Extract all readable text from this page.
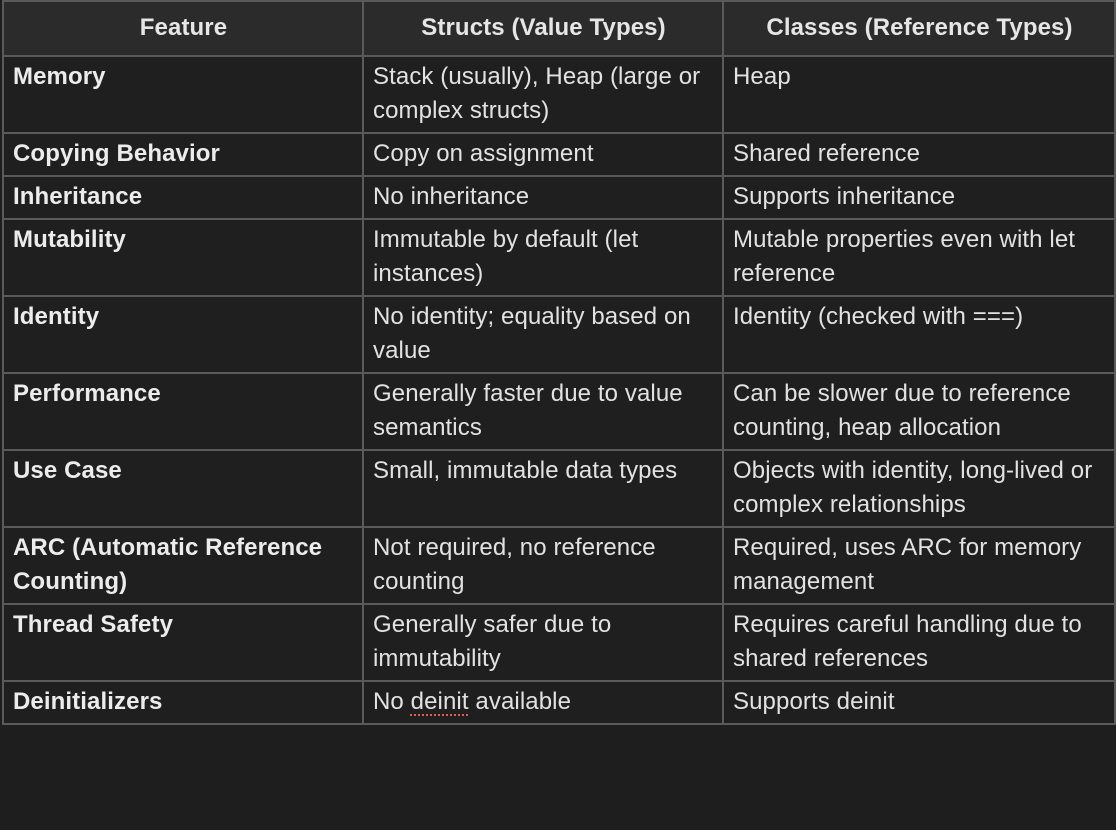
Feature	Structs (Value Types)	Classes (Reference Types)
Memory	Stack (usually), Heap (large or complex structs)	Heap
Copying Behavior	Copy on assignment	Shared reference
Inheritance	No inheritance	Supports inheritance
Mutability	Immutable by default (let instances)	Mutable properties even with let reference
Identity	No identity; equality based on value	Identity (checked with ===)
Performance	Generally faster due to value semantics	Can be slower due to reference counting, heap allocation
Use Case	Small, immutable data types	Objects with identity, long-lived or complex relationships
ARC (Automatic Reference Counting)	Not required, no reference counting	Required, uses ARC for memory management
Thread Safety	Generally safer due to immutability	Requires careful handling due to shared references
Deinitializers	No deinit available	Supports deinit
